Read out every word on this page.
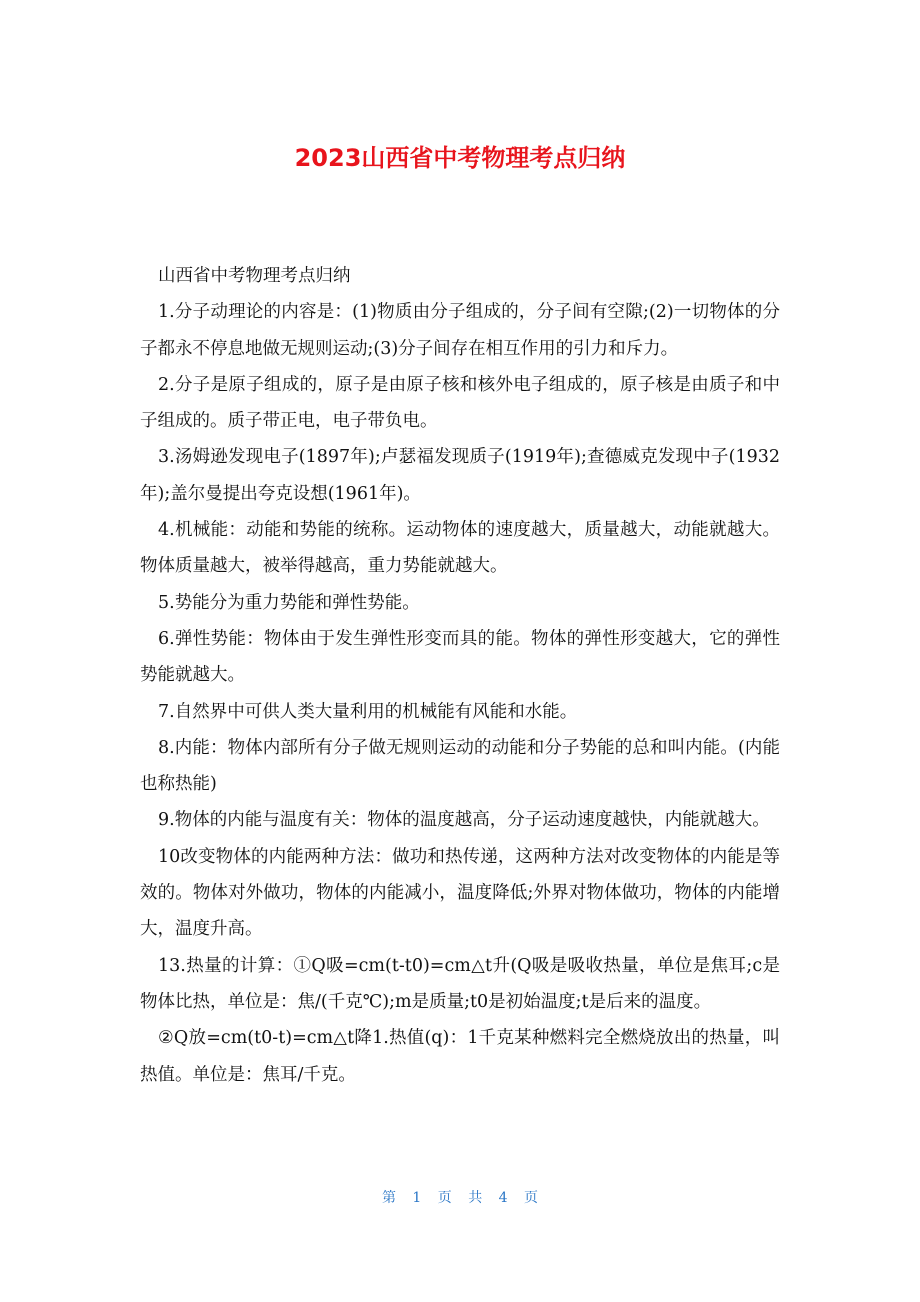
2023山西省中考物理考点归纳

山西省中考物理考点归纳

1.分子动理论的内容是：(1)物质由分子组成的，分子间有空隙;(2)一切物体的分子都永不停息地做无规则运动;(3)分子间存在相互作用的引力和斥力。

2.分子是原子组成的，原子是由原子核和核外电子组成的，原子核是由质子和中子组成的。质子带正电，电子带负电。

3.汤姆逊发现电子(1897年);卢瑟福发现质子(1919年);查德威克发现中子(1932年);盖尔曼提出夸克设想(1961年)。

4.机械能：动能和势能的统称。运动物体的速度越大，质量越大，动能就越大。物体质量越大，被举得越高，重力势能就越大。

5.势能分为重力势能和弹性势能。

6.弹性势能：物体由于发生弹性形变而具的能。物体的弹性形变越大，它的弹性势能就越大。

7.自然界中可供人类大量利用的机械能有风能和水能。

8.内能：物体内部所有分子做无规则运动的动能和分子势能的总和叫内能。(内能也称热能)

9.物体的内能与温度有关：物体的温度越高，分子运动速度越快，内能就越大。

10改变物体的内能两种方法：做功和热传递，这两种方法对改变物体的内能是等效的。物体对外做功，物体的内能减小，温度降低;外界对物体做功，物体的内能增大，温度升高。

13.热量的计算：①Q吸=cm(t-t0)=cm△t升(Q吸是吸收热量，单位是焦耳;c是物体比热，单位是：焦/(千克℃);m是质量;t0是初始温度;t是后来的温度。

②Q放=cm(t0-t)=cm△t降1.热值(q)：1千克某种燃料完全燃烧放出的热量，叫热值。单位是：焦耳/千克。

第 1 页 共 4 页
